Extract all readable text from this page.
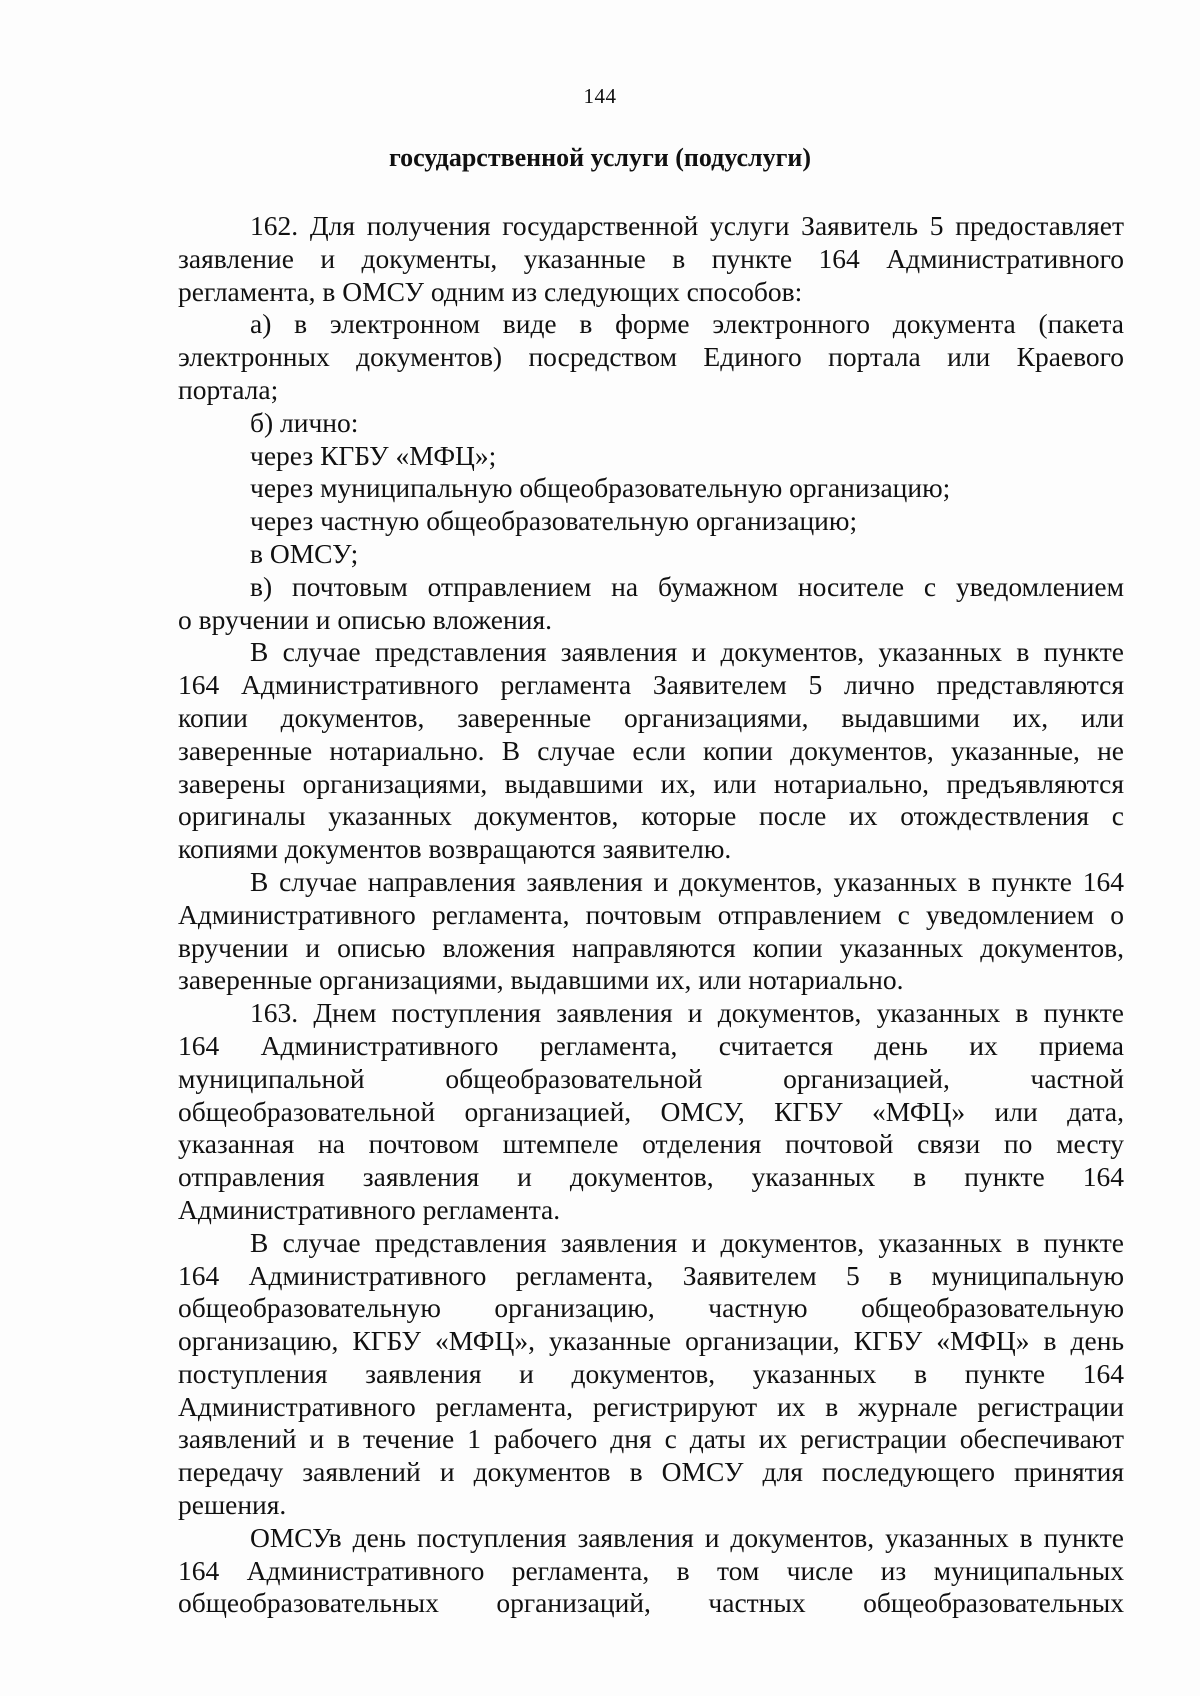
144
государственной услуги (подуслуги)
162. Для получения государственной услуги Заявитель 5 предоставляет
заявление и документы, указанные в пункте 164 Административного
регламента, в ОМСУ одним из следующих способов:
а) в электронном виде в форме электронного документа (пакета
электронных документов) посредством Единого портала или Краевого
портала;
б) лично:
через КГБУ «МФЦ»;
через муниципальную общеобразовательную организацию;
через частную общеобразовательную организацию;
в ОМСУ;
в) почтовым отправлением на бумажном носителе с уведомлением
о вручении и описью вложения.
В случае представления заявления и документов, указанных в пункте
164 Административного регламента Заявителем 5 лично представляются
копии документов, заверенные организациями, выдавшими их, или
заверенные нотариально. В случае если копии документов, указанные, не
заверены организациями, выдавшими их, или нотариально, предъявляются
оригиналы указанных документов, которые после их отождествления с
копиями документов возвращаются заявителю.
В случае направления заявления и документов, указанных в пункте 164
Административного регламента, почтовым отправлением с уведомлением о
вручении и описью вложения направляются копии указанных документов,
заверенные организациями, выдавшими их, или нотариально.
163. Днем поступления заявления и документов, указанных в пункте
164 Административного регламента, считается день их приема
муниципальной общеобразовательной организацией, частной
общеобразовательной организацией, ОМСУ, КГБУ «МФЦ» или дата,
указанная на почтовом штемпеле отделения почтовой связи по месту
отправления заявления и документов, указанных в пункте 164
Административного регламента.
В случае представления заявления и документов, указанных в пункте
164 Административного регламента, Заявителем 5 в муниципальную
общеобразовательную организацию, частную общеобразовательную
организацию, КГБУ «МФЦ», указанные организации, КГБУ «МФЦ» в день
поступления заявления и документов, указанных в пункте 164
Административного регламента, регистрируют их в журнале регистрации
заявлений и в течение 1 рабочего дня с даты их регистрации обеспечивают
передачу заявлений и документов в ОМСУ для последующего принятия
решения.
ОМСУв день поступления заявления и документов, указанных в пункте
164 Административного регламента, в том числе из муниципальных
общеобразовательных организаций, частных общеобразовательных
